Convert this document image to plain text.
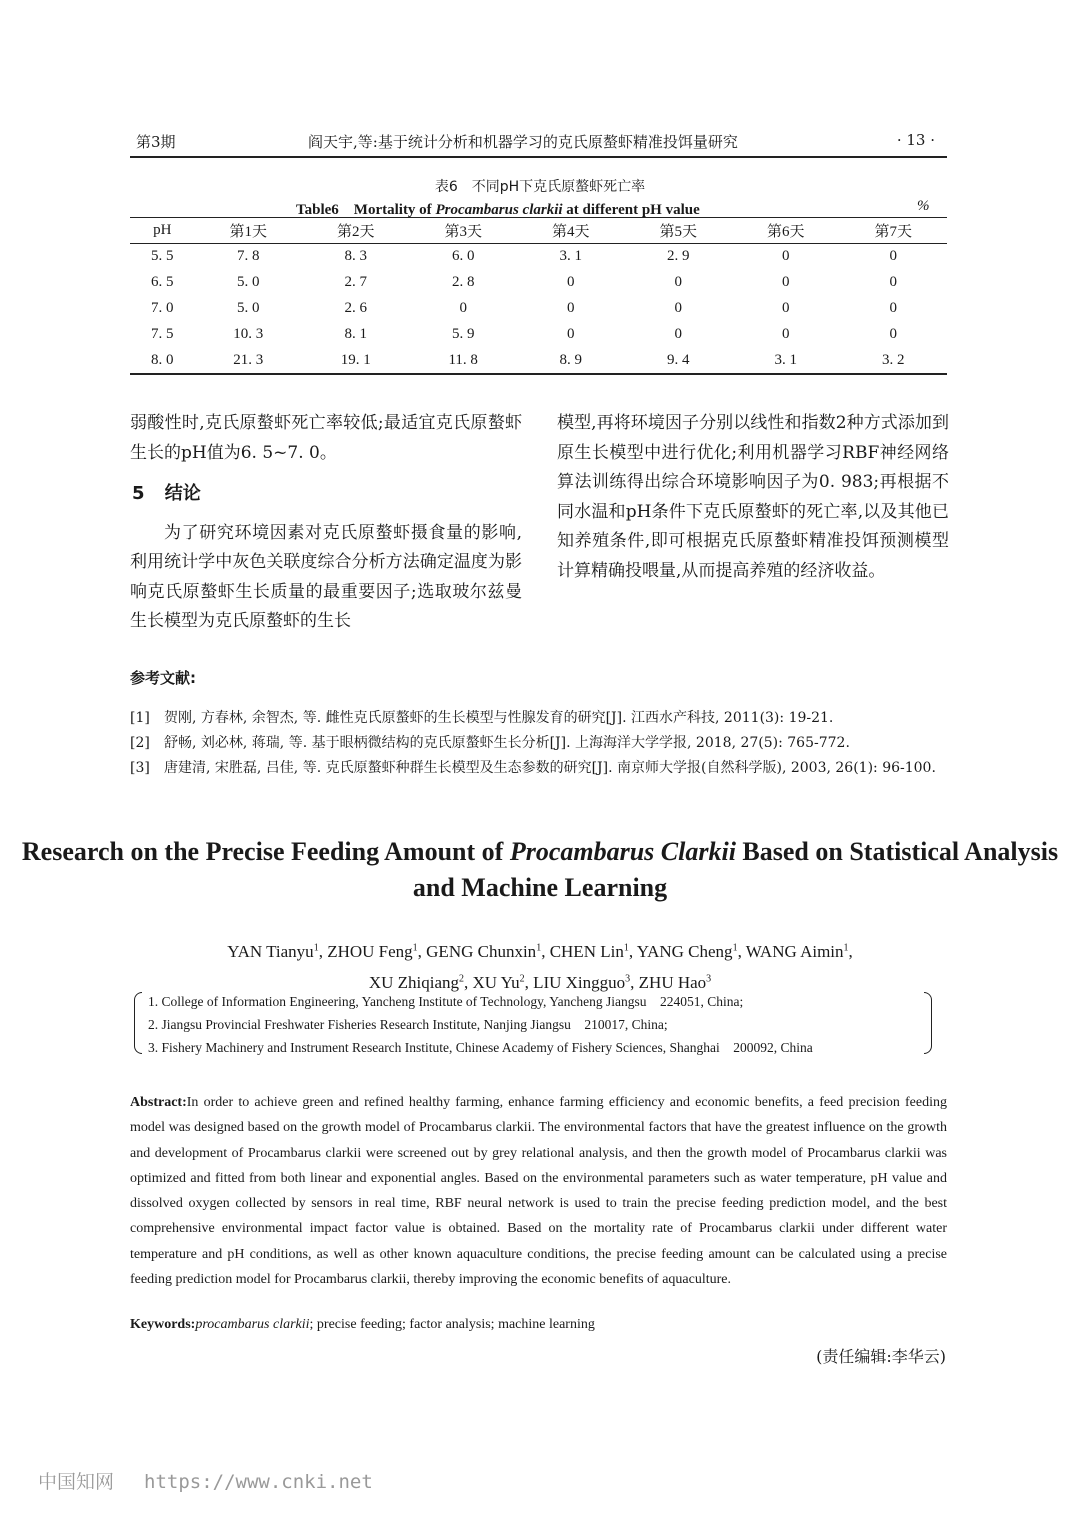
第3期	阎天宇,等:基于统计分析和机器学习的克氏原螯虾精准投饵量研究	· 13 ·
表6　不同pH下克氏原螯虾死亡率
Table6　Mortality of Procambarus clarkii at different pH value	%
pH	第1天	第2天	第3天	第4天	第5天	第6天	第7天
5. 5	7. 8	8. 3	6. 0	3. 1	2. 9	0	0
6. 5	5. 0	2. 7	2. 8	0	0	0	0
7. 0	5. 0	2. 6	0	0	0	0	0
7. 5	10. 3	8. 1	5. 9	0	0	0	0
8. 0	21. 3	19. 1	11. 8	8. 9	9. 4	3. 1	3. 2

弱酸性时,克氏原螯虾死亡率较低;最适宜克氏原螯虾生长的pH值为6. 5~7. 0。

5 结论

为了研究环境因素对克氏原螯虾摄食量的影响,利用统计学中灰色关联度综合分析方法确定温度为影响克氏原螯虾生长质量的最重要因子;选取玻尔兹曼生长模型为克氏原螯虾的生长

模型,再将环境因子分别以线性和指数2种方式添加到原生长模型中进行优化;利用机器学习RBF神经网络算法训练得出综合环境影响因子为0. 983;再根据不同水温和pH条件下克氏原螯虾的死亡率,以及其他已知养殖条件,即可根据克氏原螯虾精准投饵预测模型计算精确投喂量,从而提高养殖的经济收益。

参考文献:
[1]	贺刚, 方春林, 余智杰, 等. 雌性克氏原螯虾的生长模型与性腺发育的研究[J]. 江西水产科技, 2011(3): 19-21.
[2]	舒畅, 刘必林, 蒋瑞, 等. 基于眼柄微结构的克氏原螯虾生长分析[J]. 上海海洋大学学报, 2018, 27(5): 765-772.
[3]	唐建清, 宋胜磊, 吕佳, 等. 克氏原螯虾种群生长模型及生态参数的研究[J]. 南京师大学报(自然科学版), 2003, 26(1): 96-100.
Research on the Precise Feeding Amount of Procambarus Clarkii Based on Statistical Analysis and Machine Learning
YAN Tianyu$^1$, ZHOU Feng$^1$, GENG Chunxin$^1$, CHEN Lin$^1$, YANG Cheng$^1$, WANG Aimin$^1$,
XU Zhiqiang$^2$, XU Yu$^2$, LIU Xingguo$^3$, ZHU Hao$^3$
1. College of Information Engineering, Yancheng Institute of Technology, Yancheng Jiangsu　224051, China;
2. Jiangsu Provincial Freshwater Fisheries Research Institute, Nanjing Jiangsu　210017, China;
3. Fishery Machinery and Instrument Research Institute, Chinese Academy of Fishery Sciences, Shanghai　200092, China
Abstract:In order to achieve green and refined healthy farming, enhance farming efficiency and economic benefits, a feed precision feeding model was designed based on the growth model of Procambarus clarkii. The environmental factors that have the greatest influence on the growth and development of Procambarus clarkii were screened out by grey relational analysis, and then the growth model of Procambarus clarkii was optimized and fitted from both linear and exponential angles. Based on the environmental parameters such as water temperature, pH value and dissolved oxygen collected by sensors in real time, RBF neural network is used to train the precise feeding prediction model, and the best comprehensive environmental impact factor value is obtained. Based on the mortality rate of Procambarus clarkii under different water temperature and pH conditions, as well as other known aquaculture conditions, the precise feeding amount can be calculated using a precise feeding prediction model for Procambarus clarkii, thereby improving the economic benefits of aquaculture.
Keywords:procambarus clarkii; precise feeding; factor analysis; machine learning
(责任编辑:李华云)
中国知网 https://www.cnki.net
